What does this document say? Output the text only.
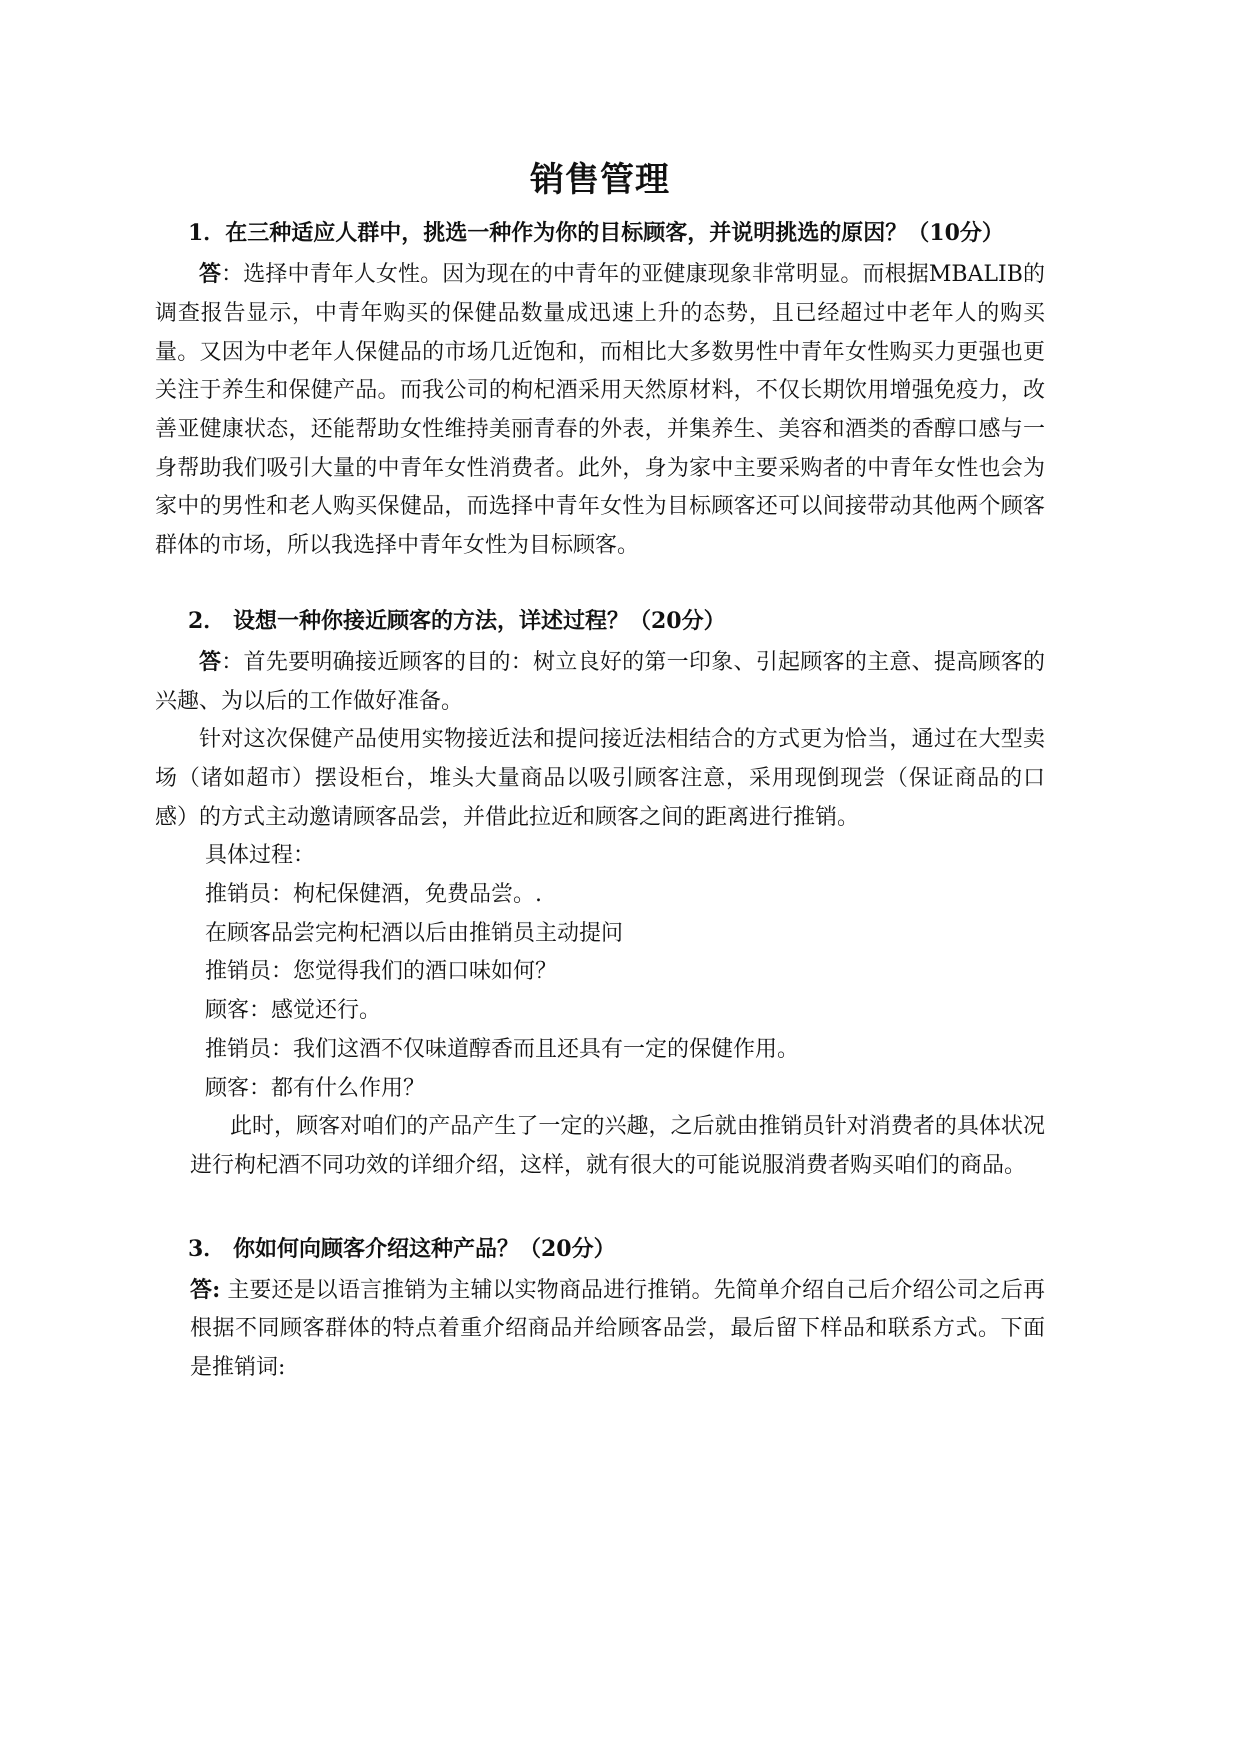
销售管理

1．在三种适应人群中，挑选一种作为你的目标顾客，并说明挑选的原因？（10分）

答：选择中青年人女性。因为现在的中青年的亚健康现象非常明显。而根据MBALIB的调查报告显示，中青年购买的保健品数量成迅速上升的态势，且已经超过中老年人的购买量。又因为中老年人保健品的市场几近饱和，而相比大多数男性中青年女性购买力更强也更关注于养生和保健产品。而我公司的枸杞酒采用天然原材料，不仅长期饮用增强免疫力，改善亚健康状态，还能帮助女性维持美丽青春的外表，并集养生、美容和酒类的香醇口感与一身帮助我们吸引大量的中青年女性消费者。此外，身为家中主要采购者的中青年女性也会为家中的男性和老人购买保健品，而选择中青年女性为目标顾客还可以间接带动其他两个顾客群体的市场，所以我选择中青年女性为目标顾客。

2． 设想一种你接近顾客的方法，详述过程？（20分）

答：首先要明确接近顾客的目的：树立良好的第一印象、引起顾客的主意、提高顾客的兴趣、为以后的工作做好准备。

针对这次保健产品使用实物接近法和提问接近法相结合的方式更为恰当，通过在大型卖场（诸如超市）摆设柜台，堆头大量商品以吸引顾客注意，采用现倒现尝（保证商品的口感）的方式主动邀请顾客品尝，并借此拉近和顾客之间的距离进行推销。

具体过程：

推销员：枸杞保健酒，免费品尝。.

在顾客品尝完枸杞酒以后由推销员主动提问

推销员：您觉得我们的酒口味如何？

顾客：感觉还行。

推销员：我们这酒不仅味道醇香而且还具有一定的保健作用。

顾客：都有什么作用？

此时，顾客对咱们的产品产生了一定的兴趣，之后就由推销员针对消费者的具体状况进行枸杞酒不同功效的详细介绍，这样，就有很大的可能说服消费者购买咱们的商品。

3． 你如何向顾客介绍这种产品？（20分）

答: 主要还是以语言推销为主辅以实物商品进行推销。先简单介绍自己后介绍公司之后再根据不同顾客群体的特点着重介绍商品并给顾客品尝，最后留下样品和联系方式。下面是推销词:
